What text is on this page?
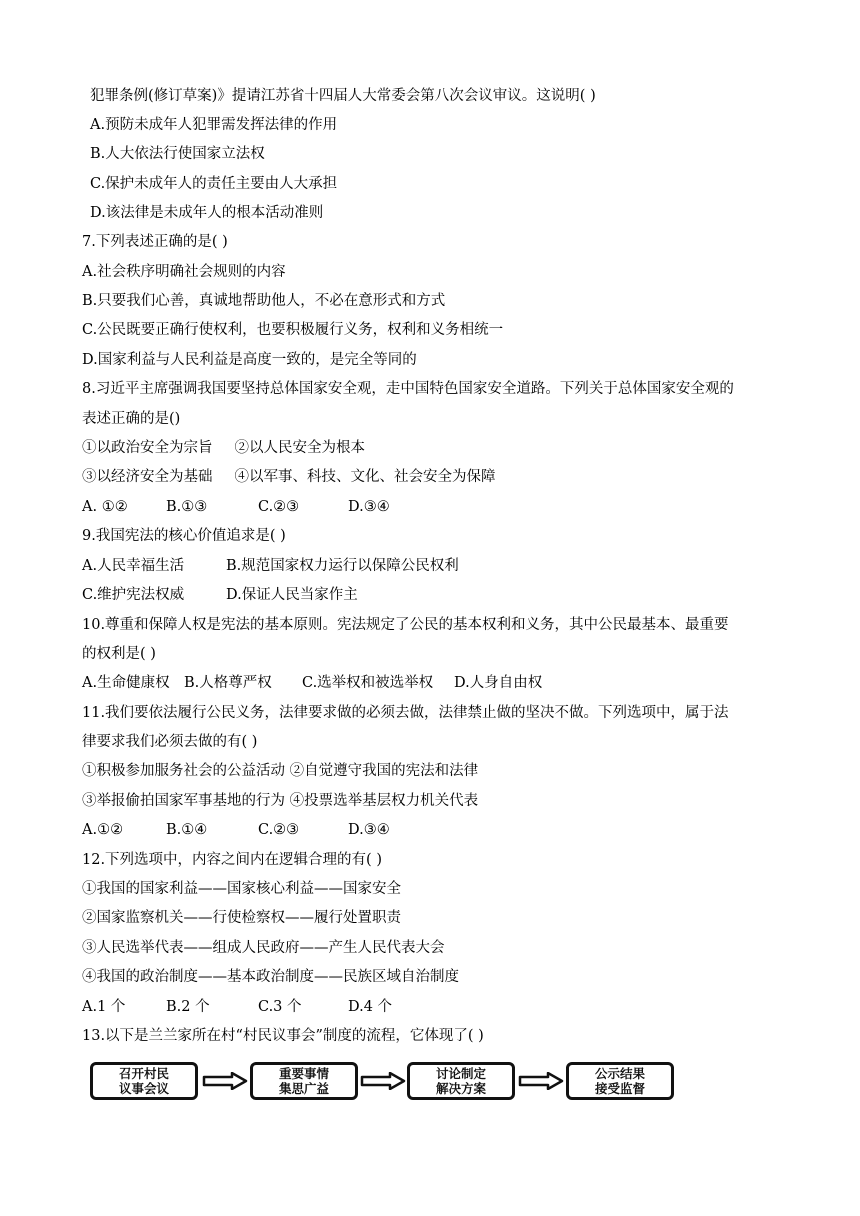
犯罪条例(修订草案)》提请江苏省十四届人大常委会第八次会议审议。这说明( )
A.预防未成年人犯罪需发挥法律的作用
B.人大依法行使国家立法权
C.保护未成年人的责任主要由人大承担
D.该法律是未成年人的根本活动准则
7.下列表述正确的是( )
A.社会秩序明确社会规则的内容
B.只要我们心善，真诚地帮助他人，不必在意形式和方式
C.公民既要正确行使权利，也要积极履行义务，权利和义务相统一
D.国家利益与人民利益是高度一致的，是完全等同的
8.习近平主席强调我国要坚持总体国家安全观，走中国特色国家安全道路。下列关于总体国家安全观的
表述正确的是()
①以政治安全为宗旨 ②以人民安全为根本
③以经济安全为基础 ④以军事、科技、文化、社会安全为保障
A. ①②	B.①③	C.②③	D.③④
9.我国宪法的核心价值追求是( )
A.人民幸福生活	B.规范国家权力运行以保障公民权利
C.维护宪法权威	D.保证人民当家作主
10.尊重和保障人权是宪法的基本原则。宪法规定了公民的基本权利和义务，其中公民最基本、最重要
的权利是( )
A.生命健康权 B.人格尊严权 C.选举权和被选举权 D.人身自由权
11.我们要依法履行公民义务，法律要求做的必须去做，法律禁止做的坚决不做。下列选项中，属于法
律要求我们必须去做的有( )
①积极参加服务社会的公益活动 ②自觉遵守我国的宪法和法律
③举报偷拍国家军事基地的行为 ④投票选举基层权力机关代表
A.①②	B.①④	C.②③	D.③④
12.下列选项中，内容之间内在逻辑合理的有( )
①我国的国家利益——国家核心利益——国家安全
②国家监察机关——行使检察权——履行处置职责
③人民选举代表——组成人民政府——产生人民代表大会
④我国的政治制度——基本政治制度——民族区域自治制度
A.1 个	B.2 个	C.3 个	D.4 个
13.以下是兰兰家所在村“村民议事会”制度的流程，它体现了( )
召开村民
议事会议
重要事情
集思广益
讨论制定
解决方案
公示结果
接受监督
